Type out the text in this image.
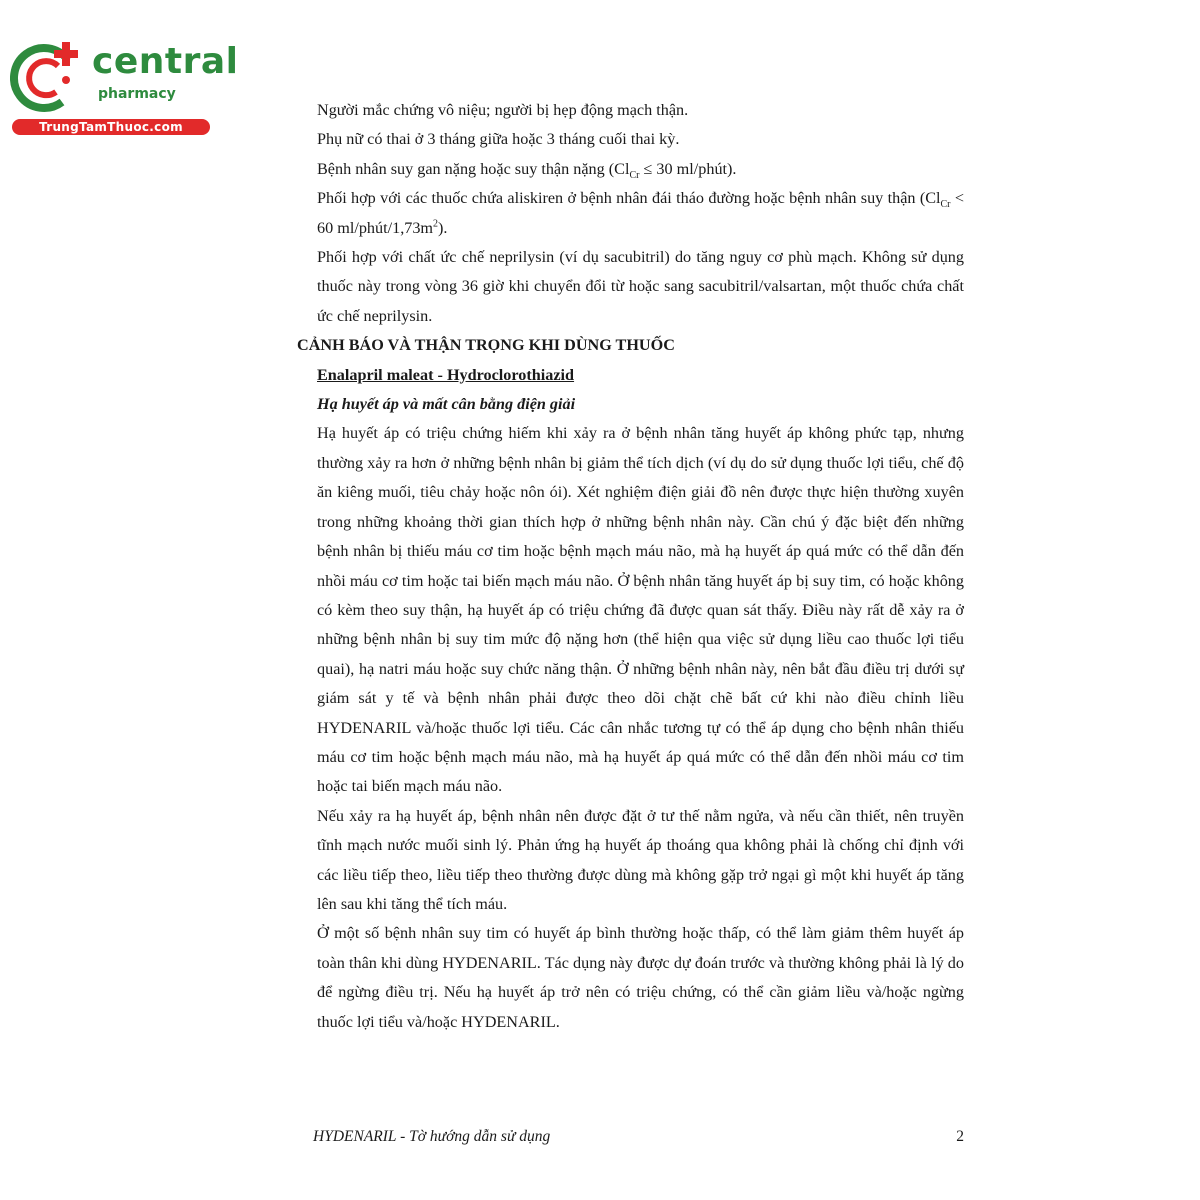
central
pharmacy
TrungTamThuoc.com

Người mắc chứng vô niệu; người bị hẹp động mạch thận.

Phụ nữ có thai ở 3 tháng giữa hoặc 3 tháng cuối thai kỳ.

Bệnh nhân suy gan nặng hoặc suy thận nặng ($Cl_{Cr} \le 30$ ml/phút).

Phối hợp với các thuốc chứa aliskiren ở bệnh nhân đái tháo đường hoặc bệnh nhân suy thận ($Cl_{Cr} < 60$ $ml/phút/1,73m^2$).

Phối hợp với chất ức chế neprilysin (ví dụ sacubitril) do tăng nguy cơ phù mạch. Không sử dụng thuốc này trong vòng 36 giờ khi chuyển đổi từ hoặc sang sacubitril/valsartan, một thuốc chứa chất ức chế neprilysin.

CẢNH BÁO VÀ THẬN TRỌNG KHI DÙNG THUỐC

Enalapril maleat - Hydroclorothiazid

Hạ huyết áp và mất cân bằng điện giải

Hạ huyết áp có triệu chứng hiếm khi xảy ra ở bệnh nhân tăng huyết áp không phức tạp, nhưng thường xảy ra hơn ở những bệnh nhân bị giảm thể tích dịch (ví dụ do sử dụng thuốc lợi tiểu, chế độ ăn kiêng muối, tiêu chảy hoặc nôn ói). Xét nghiệm điện giải đồ nên được thực hiện thường xuyên trong những khoảng thời gian thích hợp ở những bệnh nhân này. Cần chú ý đặc biệt đến những bệnh nhân bị thiếu máu cơ tim hoặc bệnh mạch máu não, mà hạ huyết áp quá mức có thể dẫn đến nhồi máu cơ tim hoặc tai biến mạch máu não. Ở bệnh nhân tăng huyết áp bị suy tim, có hoặc không có kèm theo suy thận, hạ huyết áp có triệu chứng đã được quan sát thấy. Điều này rất dễ xảy ra ở những bệnh nhân bị suy tim mức độ nặng hơn (thể hiện qua việc sử dụng liều cao thuốc lợi tiểu quai), hạ natri máu hoặc suy chức năng thận. Ở những bệnh nhân này, nên bắt đầu điều trị dưới sự giám sát y tế và bệnh nhân phải được theo dõi chặt chẽ bất cứ khi nào điều chỉnh liều HYDENARIL và/hoặc thuốc lợi tiểu. Các cân nhắc tương tự có thể áp dụng cho bệnh nhân thiếu máu cơ tim hoặc bệnh mạch máu não, mà hạ huyết áp quá mức có thể dẫn đến nhồi máu cơ tim hoặc tai biến mạch máu não.

Nếu xảy ra hạ huyết áp, bệnh nhân nên được đặt ở tư thế nằm ngửa, và nếu cần thiết, nên truyền tĩnh mạch nước muối sinh lý. Phản ứng hạ huyết áp thoáng qua không phải là chống chỉ định với các liều tiếp theo, liều tiếp theo thường được dùng mà không gặp trở ngại gì một khi huyết áp tăng lên sau khi tăng thể tích máu.

Ở một số bệnh nhân suy tim có huyết áp bình thường hoặc thấp, có thể làm giảm thêm huyết áp toàn thân khi dùng HYDENARIL. Tác dụng này được dự đoán trước và thường không phải là lý do để ngừng điều trị. Nếu hạ huyết áp trở nên có triệu chứng, có thể cần giảm liều và/hoặc ngừng thuốc lợi tiểu và/hoặc HYDENARIL.

HYDENARIL - Tờ hướng dẫn sử dụng	2
